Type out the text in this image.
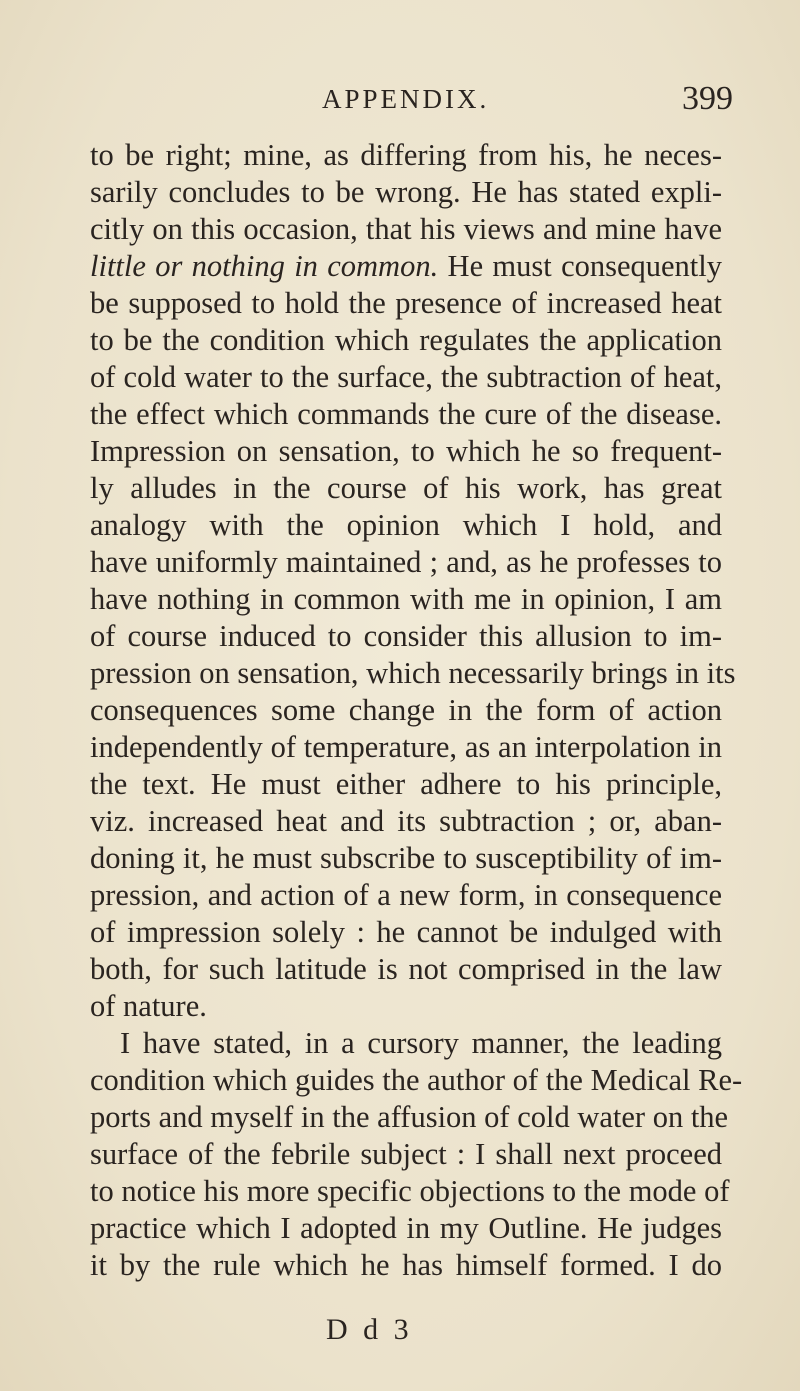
APPENDIX.	399
to be right; mine, as differing from his, he neces-
sarily concludes to be wrong. He has stated expli-
citly on this occasion, that his views and mine have
little or nothing in common. He must consequently
be supposed to hold the presence of increased heat
to be the condition which regulates the application
of cold water to the surface, the subtraction of heat,
the effect which commands the cure of the disease.
Impression on sensation, to which he so frequent-
ly alludes in the course of his work, has great
analogy with the opinion which I hold, and
have uniformly maintained ; and, as he professes to
have nothing in common with me in opinion, I am
of course induced to consider this allusion to im-
pression on sensation, which necessarily brings in its
consequences some change in the form of action
independently of temperature, as an interpolation in
the text. He must either adhere to his principle,
viz. increased heat and its subtraction ; or, aban-
doning it, he must subscribe to susceptibility of im-
pression, and action of a new form, in consequence
of impression solely : he cannot be indulged with
both, for such latitude is not comprised in the law
of nature.
I have stated, in a cursory manner, the leading
condition which guides the author of the Medical Re-
ports and myself in the affusion of cold water on the
surface of the febrile subject : I shall next proceed
to notice his more specific objections to the mode of
practice which I adopted in my Outline. He judges
it by the rule which he has himself formed. I do
D d 3
